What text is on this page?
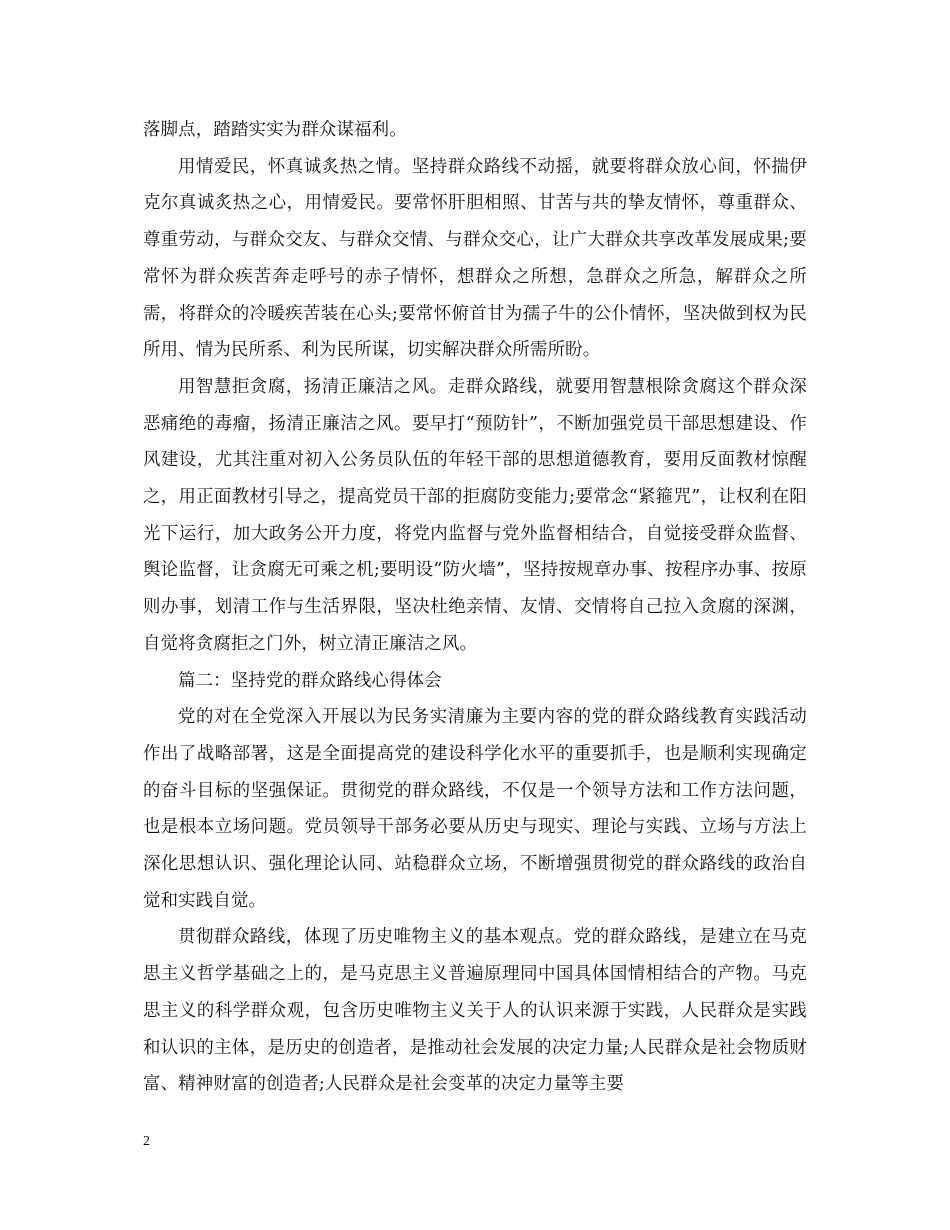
落脚点，踏踏实实为群众谋福利。

用情爱民，怀真诚炙热之情。坚持群众路线不动摇，就要将群众放心间，怀揣伊克尔真诚炙热之心，用情爱民。要常怀肝胆相照、甘苦与共的挚友情怀，尊重群众、尊重劳动，与群众交友、与群众交情、与群众交心，让广大群众共享改革发展成果;要常怀为群众疾苦奔走呼号的赤子情怀，想群众之所想，急群众之所急，解群众之所需，将群众的冷暖疾苦装在心头;要常怀俯首甘为孺子牛的公仆情怀，坚决做到权为民所用、情为民所系、利为民所谋，切实解决群众所需所盼。

用智慧拒贪腐，扬清正廉洁之风。走群众路线，就要用智慧根除贪腐这个群众深恶痛绝的毒瘤，扬清正廉洁之风。要早打“预防针”，不断加强党员干部思想建设、作风建设，尤其注重对初入公务员队伍的年轻干部的思想道德教育，要用反面教材惊醒之，用正面教材引导之，提高党员干部的拒腐防变能力;要常念“紧箍咒”，让权利在阳光下运行，加大政务公开力度，将党内监督与党外监督相结合，自觉接受群众监督、舆论监督，让贪腐无可乘之机;要明设“防火墙”，坚持按规章办事、按程序办事、按原则办事，划清工作与生活界限，坚决杜绝亲情、友情、交情将自己拉入贪腐的深渊，自觉将贪腐拒之门外，树立清正廉洁之风。

篇二：坚持党的群众路线心得体会

党的对在全党深入开展以为民务实清廉为主要内容的党的群众路线教育实践活动作出了战略部署，这是全面提高党的建设科学化水平的重要抓手，也是顺利实现确定的奋斗目标的坚强保证。贯彻党的群众路线，不仅是一个领导方法和工作方法问题，也是根本立场问题。党员领导干部务必要从历史与现实、理论与实践、立场与方法上深化思想认识、强化理论认同、站稳群众立场，不断增强贯彻党的群众路线的政治自觉和实践自觉。

贯彻群众路线，体现了历史唯物主义的基本观点。党的群众路线，是建立在马克思主义哲学基础之上的，是马克思主义普遍原理同中国具体国情相结合的产物。马克思主义的科学群众观，包含历史唯物主义关于人的认识来源于实践，人民群众是实践和认识的主体，是历史的创造者，是推动社会发展的决定力量;人民群众是社会物质财富、精神财富的创造者;人民群众是社会变革的决定力量等主要

2
